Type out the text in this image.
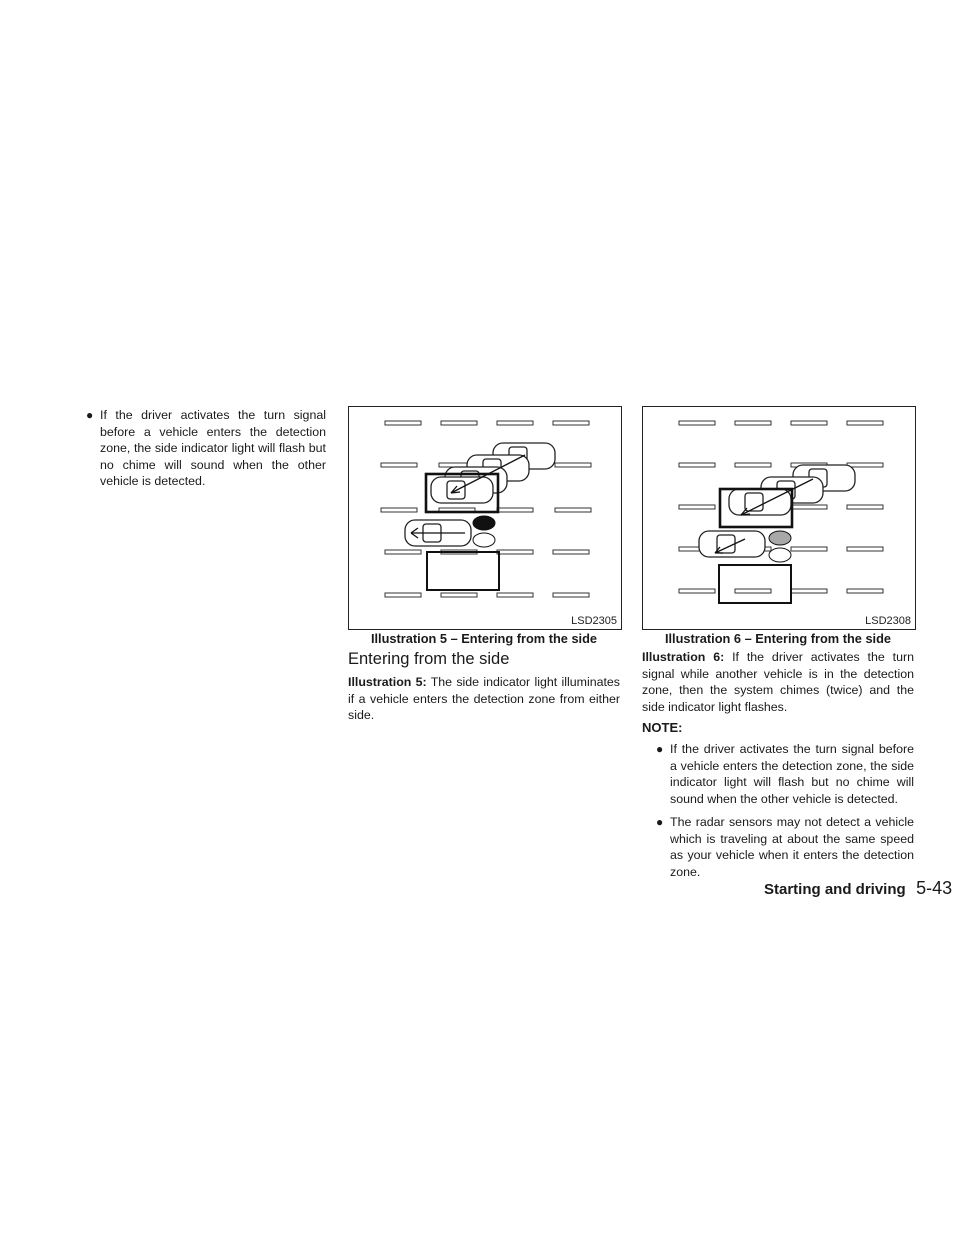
● If the driver activates the turn signal before a vehicle enters the detection zone, the side indicator light will flash but no chime will sound when the other vehicle is detected.
LSD2305
Illustration 5 – Entering from the side
Entering from the side
Illustration 5: The side indicator light illuminates if a vehicle enters the detection zone from either side.
LSD2308
Illustration 6 – Entering from the side
Illustration 6: If the driver activates the turn signal while another vehicle is in the detection zone, then the system chimes (twice) and the side indicator light flashes.
NOTE:
● If the driver activates the turn signal before a vehicle enters the detection zone, the side indicator light will flash but no chime will sound when the other vehicle is detected.
● The radar sensors may not detect a vehicle which is traveling at about the same speed as your vehicle when it enters the detection zone.
Starting and driving 5-43
